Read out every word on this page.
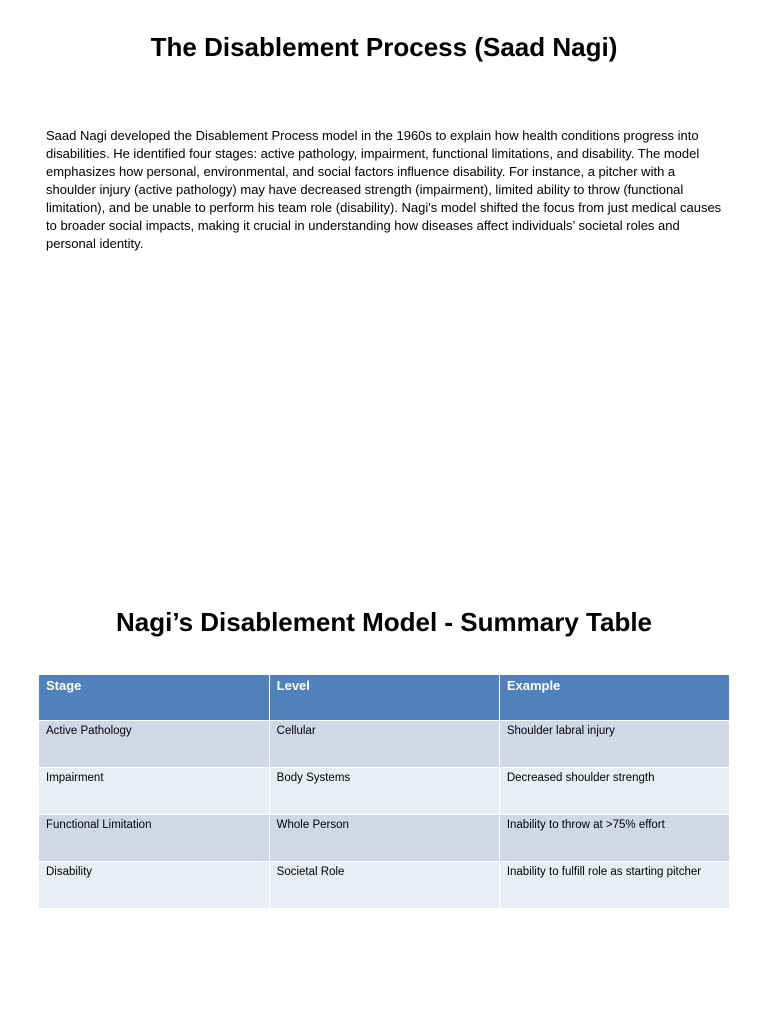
The Disablement Process (Saad Nagi)

Saad Nagi developed the Disablement Process model in the 1960s to explain how health conditions progress into disabilities. He identified four stages: active pathology, impairment, functional limitations, and disability. The model emphasizes how personal, environmental, and social factors influence disability. For instance, a pitcher with a shoulder injury (active pathology) may have decreased strength (impairment), limited ability to throw (functional limitation), and be unable to perform his team role (disability). Nagi's model shifted the focus from just medical causes to broader social impacts, making it crucial in understanding how diseases affect individuals’ societal roles and personal identity.

Nagi’s Disablement Model - Summary Table
Stage	Level	Example
Active Pathology	Cellular	Shoulder labral injury
Impairment	Body Systems	Decreased shoulder strength
Functional Limitation	Whole Person	Inability to throw at >75% effort
Disability	Societal Role	Inability to fulfill role as starting pitcher
